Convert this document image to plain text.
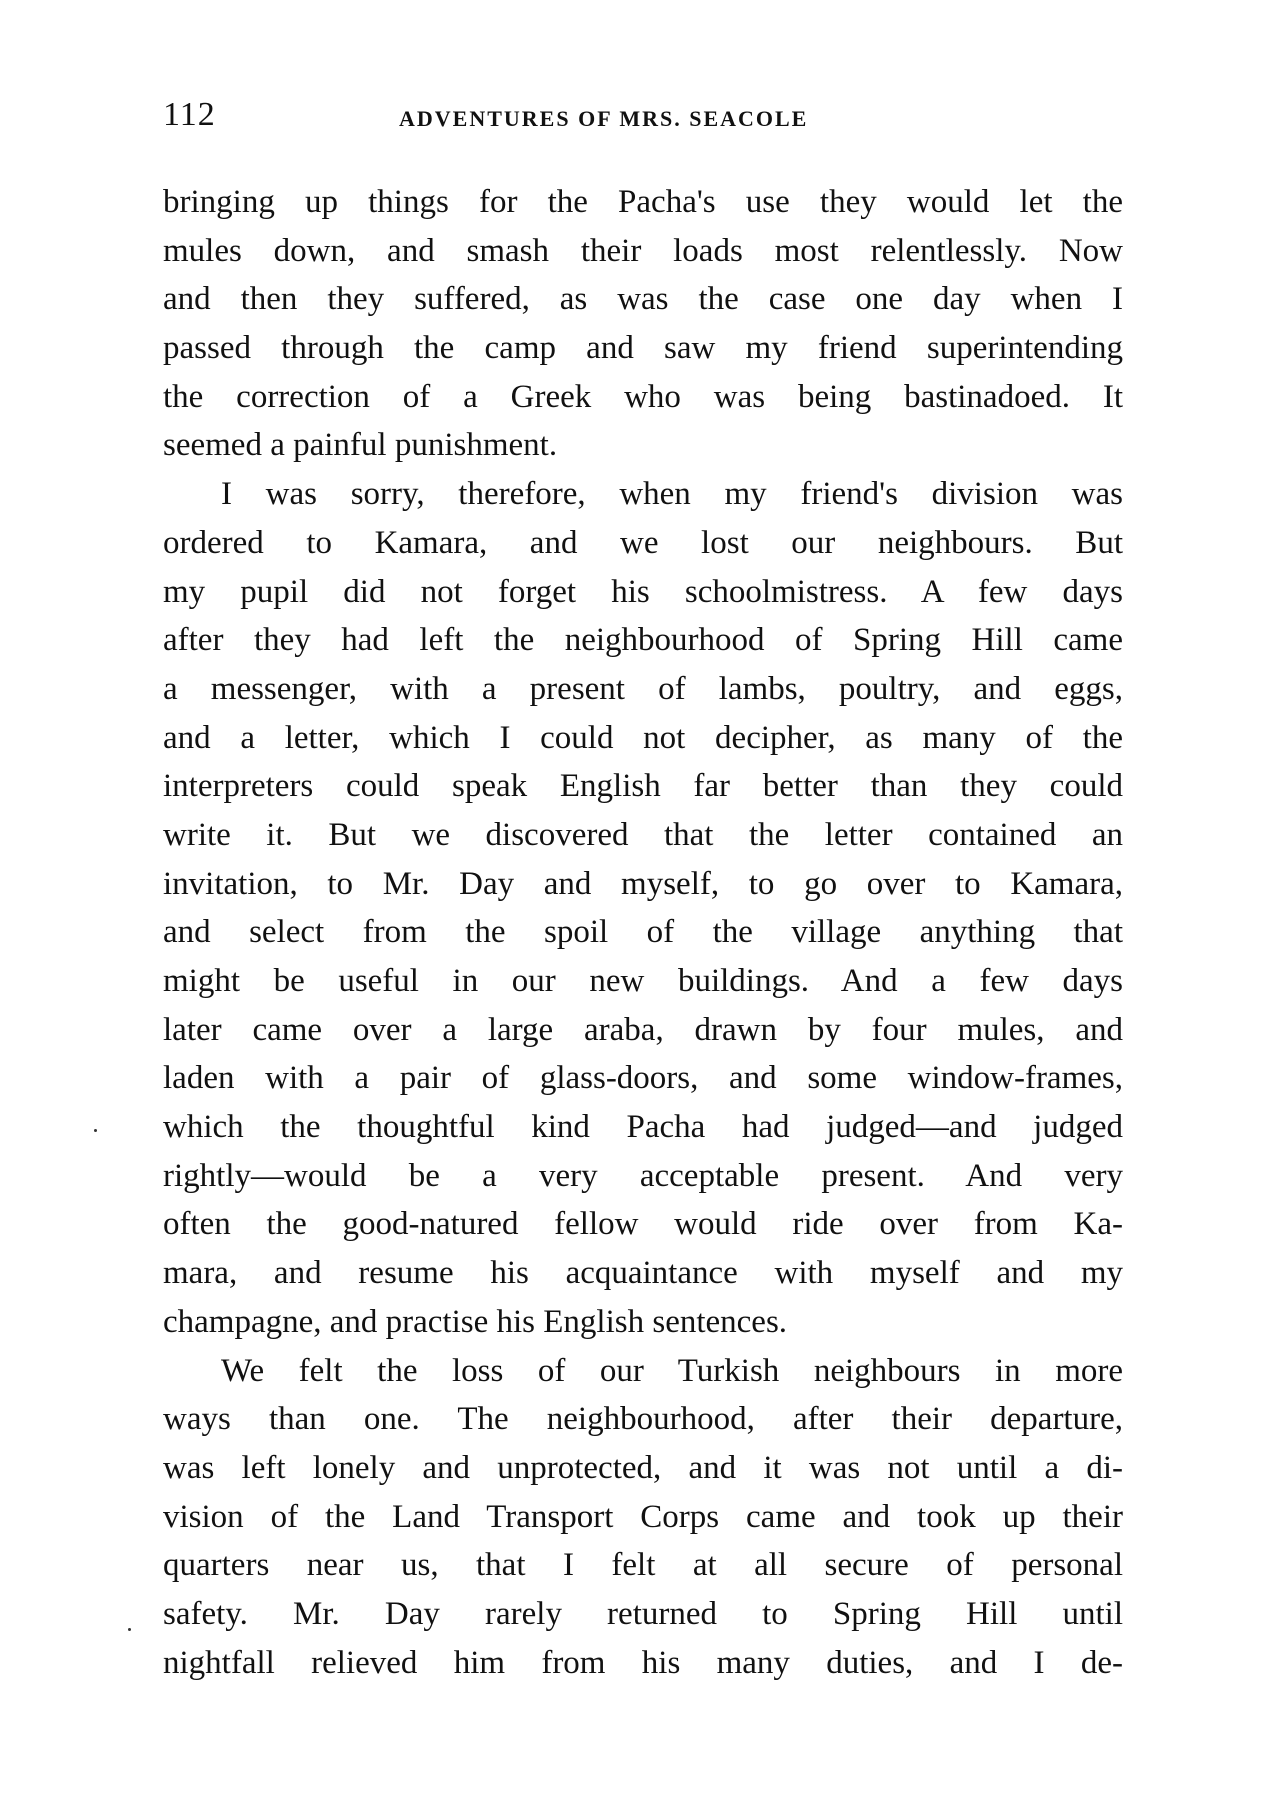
112	ADVENTURES OF MRS. SEACOLE
bringing up things for the Pacha's use they would let the
mules down, and smash their loads most relentlessly. Now
and then they suffered, as was the case one day when I
passed through the camp and saw my friend superintending
the correction of a Greek who was being bastinadoed. It
seemed a painful punishment.
I was sorry, therefore, when my friend's division was
ordered to Kamara, and we lost our neighbours. But
my pupil did not forget his schoolmistress. A few days
after they had left the neighbourhood of Spring Hill came
a messenger, with a present of lambs, poultry, and eggs,
and a letter, which I could not decipher, as many of the
interpreters could speak English far better than they could
write it. But we discovered that the letter contained an
invitation, to Mr. Day and myself, to go over to Kamara,
and select from the spoil of the village anything that
might be useful in our new buildings. And a few days
later came over a large araba, drawn by four mules, and
laden with a pair of glass-doors, and some window-frames,
which the thoughtful kind Pacha had judged—and judged
rightly—would be a very acceptable present. And very
often the good-natured fellow would ride over from Ka-
mara, and resume his acquaintance with myself and my
champagne, and practise his English sentences.
We felt the loss of our Turkish neighbours in more
ways than one. The neighbourhood, after their departure,
was left lonely and unprotected, and it was not until a di-
vision of the Land Transport Corps came and took up their
quarters near us, that I felt at all secure of personal
safety. Mr. Day rarely returned to Spring Hill until
nightfall relieved him from his many duties, and I de-
